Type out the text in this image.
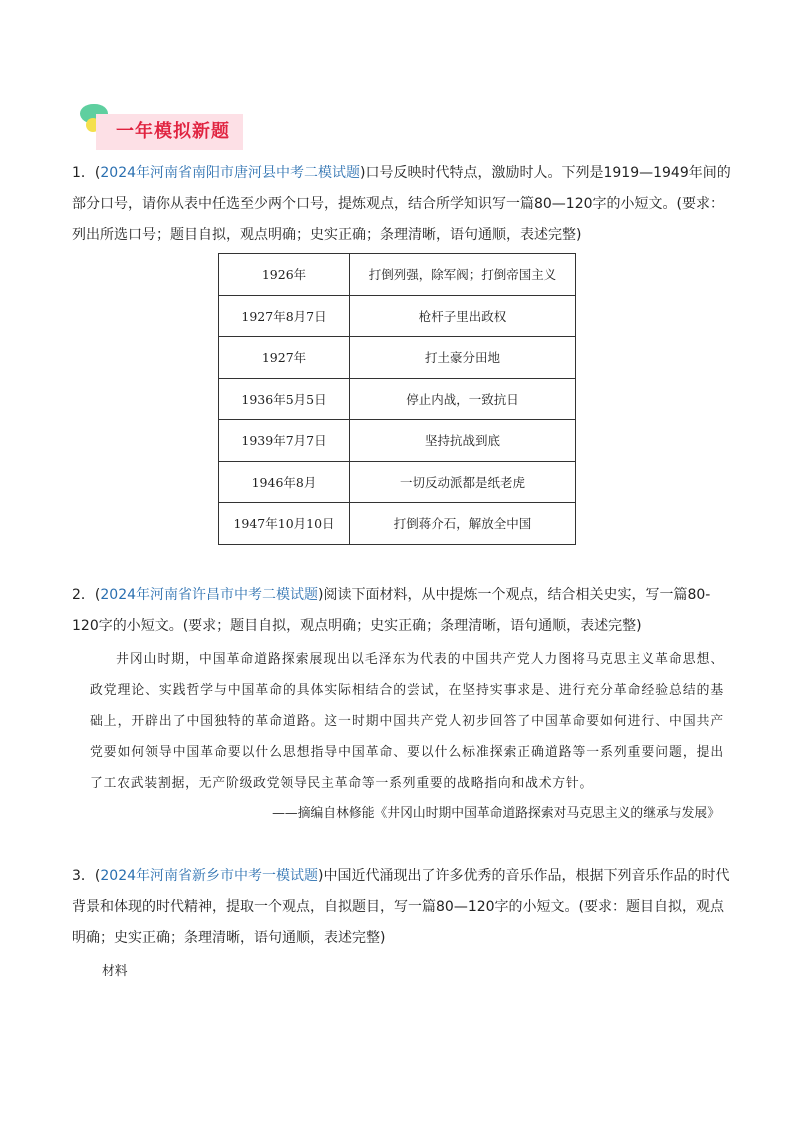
一年模拟新题

1．(2024年河南省南阳市唐河县中考二模试题)口号反映时代特点，激励时人。下列是1919—1949年间的部分口号，请你从表中任选至少两个口号，提炼观点，结合所学知识写一篇80—120字的小短文。(要求：列出所选口号；题目自拟，观点明确；史实正确；条理清晰，语句通顺，表述完整)

1926年	打倒列强，除军阀；打倒帝国主义
1927年8月7日	枪杆子里出政权
1927年	打土豪分田地
1936年5月5日	停止内战，一致抗日
1939年7月7日	坚持抗战到底
1946年8月	一切反动派都是纸老虎
1947年10月10日	打倒蒋介石，解放全中国

2．(2024年河南省许昌市中考二模试题)阅读下面材料，从中提炼一个观点，结合相关史实，写一篇80-120字的小短文。(要求；题目自拟，观点明确；史实正确；条理清晰，语句通顺，表述完整)

井冈山时期，中国革命道路探索展现出以毛泽东为代表的中国共产党人力图将马克思主义革命思想、政党理论、实践哲学与中国革命的具体实际相结合的尝试，在坚持实事求是、进行充分革命经验总结的基础上，开辟出了中国独特的革命道路。这一时期中国共产党人初步回答了中国革命要如何进行、中国共产党要如何领导中国革命要以什么思想指导中国革命、要以什么标准探索正确道路等一系列重要问题，提出了工农武装割据，无产阶级政党领导民主革命等一系列重要的战略指向和战术方针。

——摘编自林修能《井冈山时期中国革命道路探索对马克思主义的继承与发展》

3．(2024年河南省新乡市中考一模试题)中国近代涌现出了许多优秀的音乐作品，根据下列音乐作品的时代背景和体现的时代精神，提取一个观点，自拟题目，写一篇80—120字的小短文。(要求：题目自拟，观点明确；史实正确；条理清晰，语句通顺，表述完整)

材料
